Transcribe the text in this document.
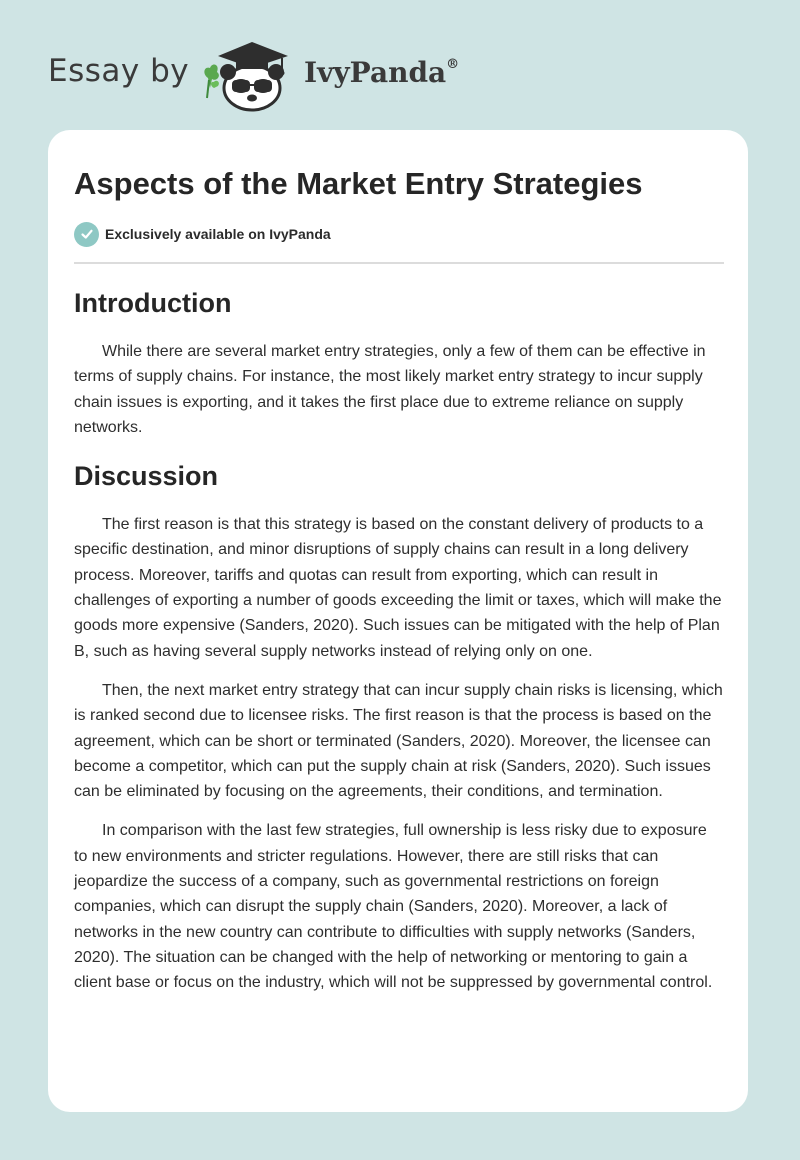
Essay by	IvyPanda®
Aspects of the Market Entry Strategies
Exclusively available on IvyPanda
Introduction

While there are several market entry strategies, only a few of them can be effective in terms of supply chains. For instance, the most likely market entry strategy to incur supply chain issues is exporting, and it takes the first place due to extreme reliance on supply networks.

Discussion

The first reason is that this strategy is based on the constant delivery of products to a specific destination, and minor disruptions of supply chains can result in a long delivery process. Moreover, tariffs and quotas can result from exporting, which can result in challenges of exporting a number of goods exceeding the limit or taxes, which will make the goods more expensive (Sanders, 2020). Such issues can be mitigated with the help of Plan B, such as having several supply networks instead of relying only on one.

Then, the next market entry strategy that can incur supply chain risks is licensing, which is ranked second due to licensee risks. The first reason is that the process is based on the agreement, which can be short or terminated (Sanders, 2020). Moreover, the licensee can become a competitor, which can put the supply chain at risk (Sanders, 2020). Such issues can be eliminated by focusing on the agreements, their conditions, and termination.

In comparison with the last few strategies, full ownership is less risky due to exposure to new environments and stricter regulations. However, there are still risks that can jeopardize the success of a company, such as governmental restrictions on foreign companies, which can disrupt the supply chain (Sanders, 2020). Moreover, a lack of networks in the new country can contribute to difficulties with supply networks (Sanders, 2020). The situation can be changed with the help of networking or mentoring to gain a client base or focus on the industry, which will not be suppressed by governmental control.
